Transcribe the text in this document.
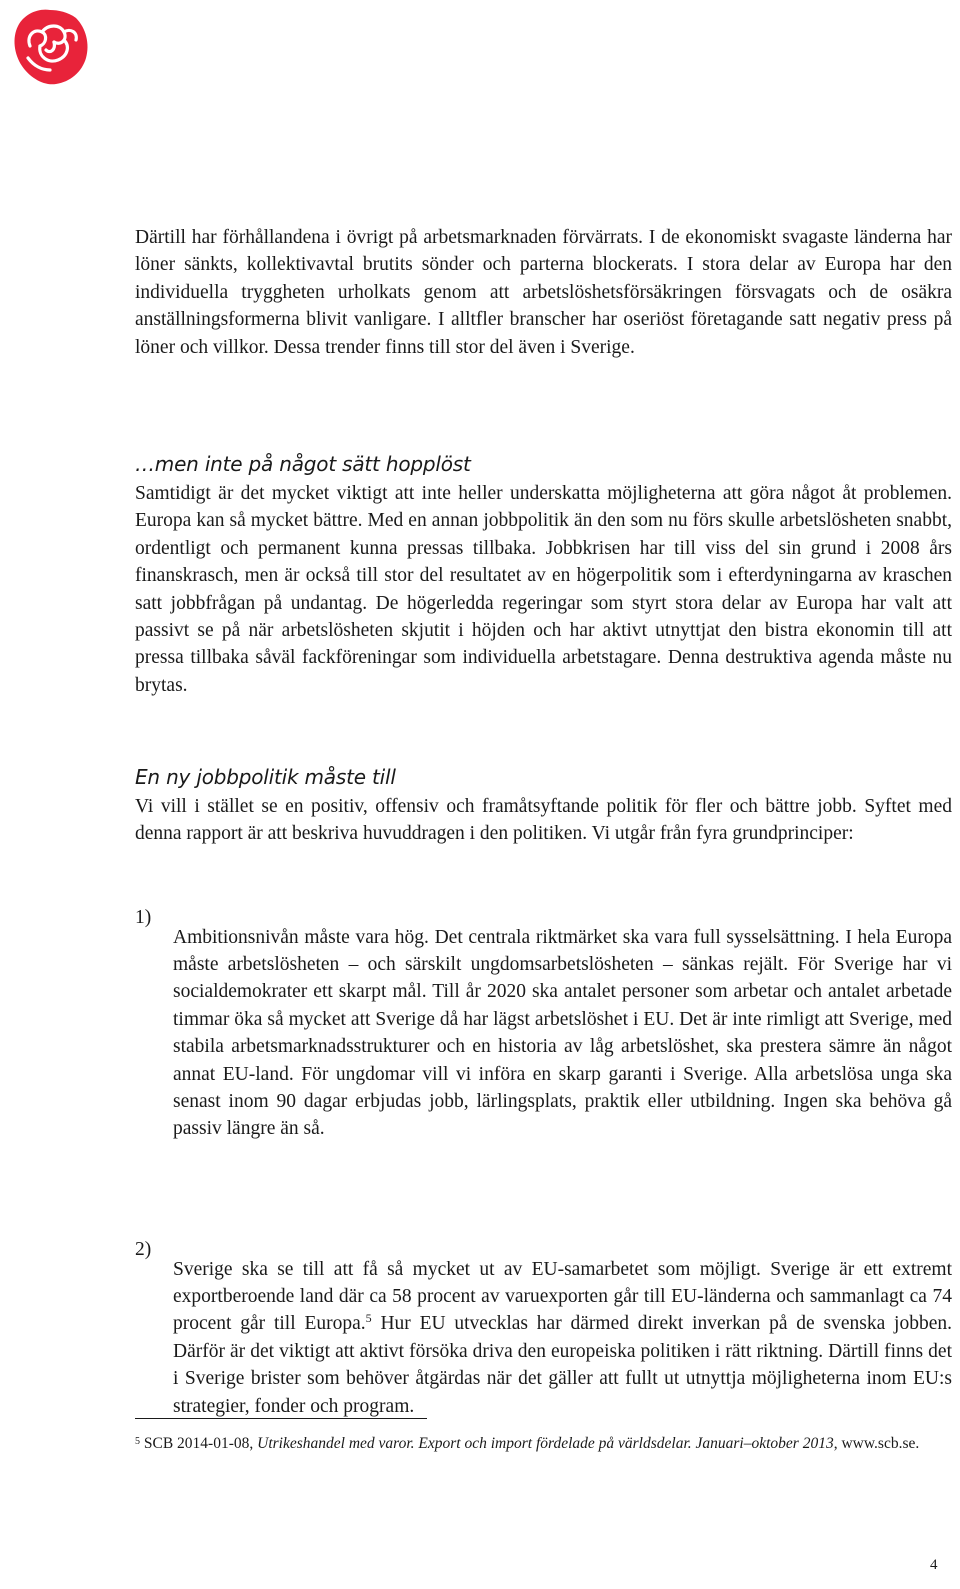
Därtill har förhållandena i övrigt på arbetsmarknaden förvärrats. I de ekonomiskt svagaste länderna har löner sänkts, kollektivavtal brutits sönder och parterna blockerats. I stora delar av Europa har den individuella tryggheten urholkats genom att arbetslöshetsförsäkringen försvagats och de osäkra anställningsformerna blivit vanligare. I alltfler branscher har oseriöst företagande satt negativ press på löner och villkor. Dessa trender finns till stor del även i Sverige.

…men inte på något sätt hopplöst

Samtidigt är det mycket viktigt att inte heller underskatta möjligheterna att göra något åt problemen. Europa kan så mycket bättre. Med en annan jobbpolitik än den som nu förs skulle arbetslösheten snabbt, ordentligt och permanent kunna pressas tillbaka. Jobbkrisen har till viss del sin grund i 2008 års finanskrasch, men är också till stor del resultatet av en högerpolitik som i efterdyningarna av kraschen satt jobbfrågan på undantag. De högerledda regeringar som styrt stora delar av Europa har valt att passivt se på när arbetslösheten skjutit i höjden och har aktivt utnyttjat den bistra ekonomin till att pressa tillbaka såväl fackföreningar som individuella arbetstagare. Denna destruktiva agenda måste nu brytas.

En ny jobbpolitik måste till

Vi vill i stället se en positiv, offensiv och framåtsyftande politik för fler och bättre jobb. Syftet med denna rapport är att beskriva huvuddragen i den politiken. Vi utgår från fyra grundprinciper:

1)

Ambitionsnivån måste vara hög. Det centrala riktmärket ska vara full sysselsättning. I hela Europa måste arbetslösheten – och särskilt ungdomsarbetslösheten – sänkas rejält. För Sverige har vi socialdemokrater ett skarpt mål. Till år 2020 ska antalet personer som arbetar och antalet arbetade timmar öka så mycket att Sverige då har lägst arbetslöshet i EU. Det är inte rimligt att Sverige, med stabila arbetsmarknadsstrukturer och en historia av låg arbetslöshet, ska prestera sämre än något annat EU-land. För ungdomar vill vi införa en skarp garanti i Sverige. Alla arbetslösa unga ska senast inom 90 dagar erbjudas jobb, lärlingsplats, praktik eller utbildning. Ingen ska behöva gå passiv längre än så.

2)

Sverige ska se till att få så mycket ut av EU-samarbetet som möjligt. Sverige är ett extremt exportberoende land där ca 58 procent av varuexporten går till EU-länderna och sammanlagt ca 74 procent går till Europa.$^5$ Hur EU utvecklas har därmed direkt inverkan på de svenska jobben. Därför är det viktigt att aktivt försöka driva den europeiska politiken i rätt riktning. Därtill finns det i Sverige brister som behöver åtgärdas när det gäller att fullt ut utnyttja möjligheterna inom EU:s strategier, fonder och program.

$^5$ SCB 2014-01-08, Utrikeshandel med varor. Export och import fördelade på världsdelar. Januari–oktober 2013, www.scb.se.
4
